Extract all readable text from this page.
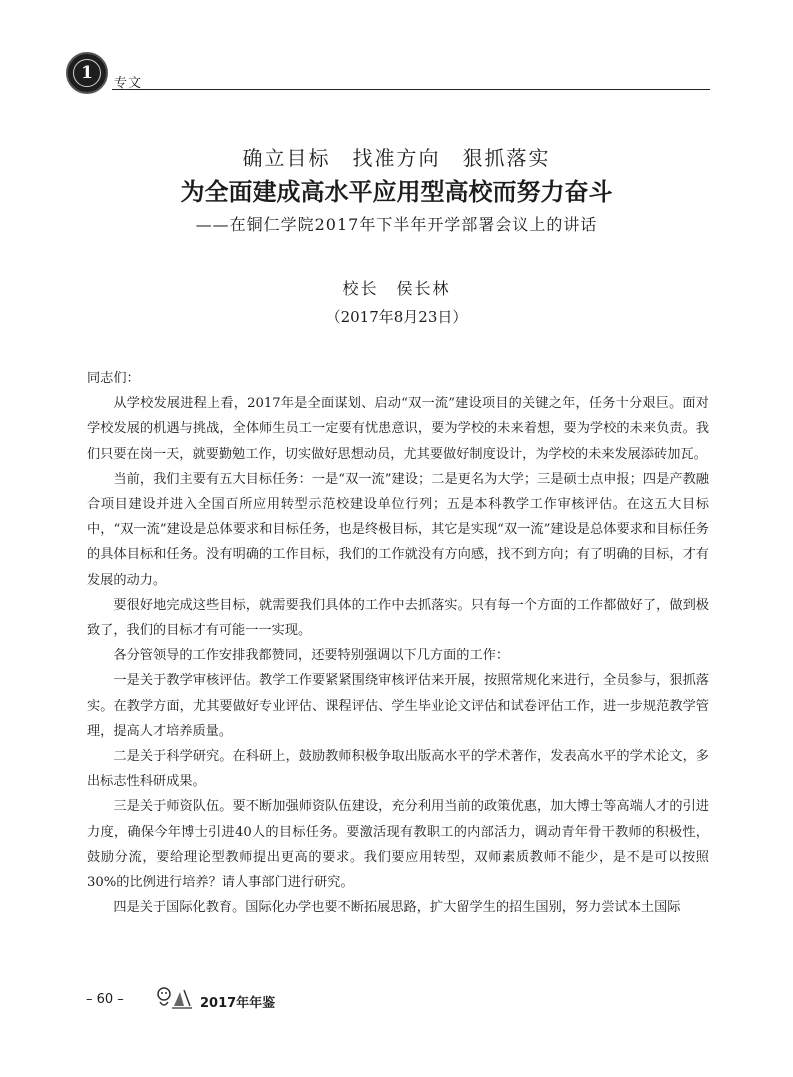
1
专文
确立目标　找准方向　狠抓落实
为全面建成高水平应用型高校而努力奋斗
——在铜仁学院2017年下半年开学部署会议上的讲话
校长　侯长林
（2017年8月23日）

同志们：

从学校发展进程上看，2017年是全面谋划、启动“双一流”建设项目的关键之年，任务十分艰巨。面对学校发展的机遇与挑战，全体师生员工一定要有忧患意识，要为学校的未来着想，要为学校的未来负责。我们只要在岗一天，就要勤勉工作，切实做好思想动员，尤其要做好制度设计，为学校的未来发展添砖加瓦。

当前，我们主要有五大目标任务：一是“双一流”建设；二是更名为大学；三是硕士点申报；四是产教融合项目建设并进入全国百所应用转型示范校建设单位行列；五是本科教学工作审核评估。在这五大目标中，“双一流”建设是总体要求和目标任务，也是终极目标，其它是实现“双一流”建设是总体要求和目标任务的具体目标和任务。没有明确的工作目标，我们的工作就没有方向感，找不到方向；有了明确的目标，才有发展的动力。

要很好地完成这些目标，就需要我们具体的工作中去抓落实。只有每一个方面的工作都做好了，做到极致了，我们的目标才有可能一一实现。

各分管领导的工作安排我都赞同，还要特别强调以下几方面的工作：

一是关于教学审核评估。教学工作要紧紧围绕审核评估来开展，按照常规化来进行，全员参与，狠抓落实。在教学方面，尤其要做好专业评估、课程评估、学生毕业论文评估和试卷评估工作，进一步规范教学管理，提高人才培养质量。

二是关于科学研究。在科研上，鼓励教师积极争取出版高水平的学术著作，发表高水平的学术论文，多出标志性科研成果。

三是关于师资队伍。要不断加强师资队伍建设，充分利用当前的政策优惠，加大博士等高端人才的引进力度，确保今年博士引进40人的目标任务。要激活现有教职工的内部活力，调动青年骨干教师的积极性，鼓励分流，要给理论型教师提出更高的要求。我们要应用转型，双师素质教师不能少，是不是可以按照30%的比例进行培养？请人事部门进行研究。

四是关于国际化教育。国际化办学也要不断拓展思路，扩大留学生的招生国别，努力尝试本土国际

– 60 –	2017年年鉴
